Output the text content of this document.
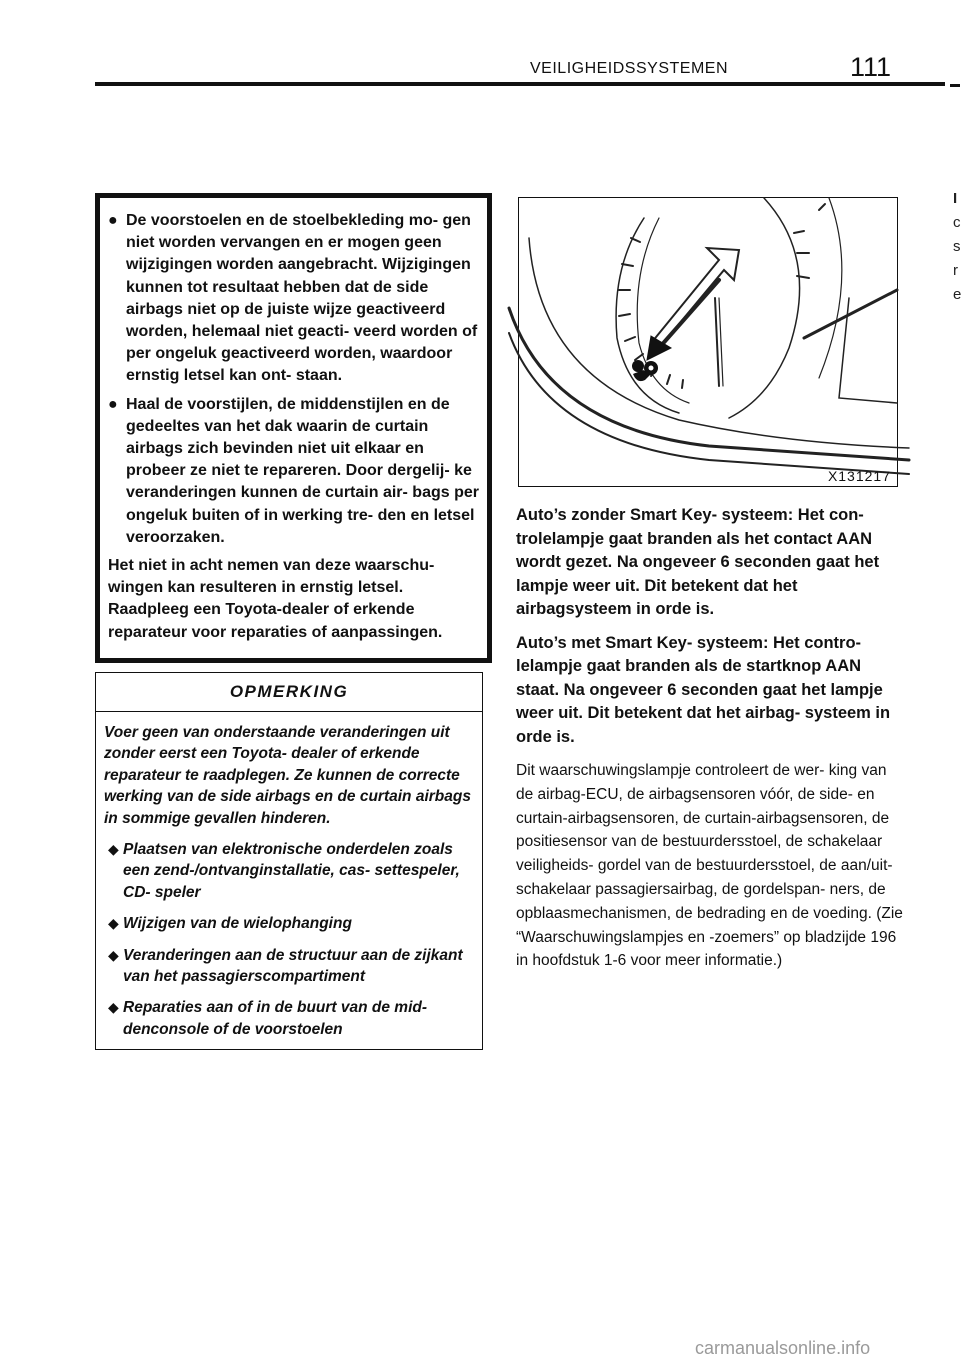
VEILIGHEIDSSYSTEMEN	111
I
c
s
r
e
● De voorstoelen en de stoelbekleding mo- gen niet worden vervangen en er mogen geen wijzigingen worden aangebracht. Wijzigingen kunnen tot resultaat hebben dat de side airbags niet op de juiste wijze geactiveerd worden, helemaal niet geacti- veerd worden of per ongeluk geactiveerd worden, waardoor ernstig letsel kan ont- staan.

● Haal de voorstijlen, de middenstijlen en de gedeeltes van het dak waarin de curtain airbags zich bevinden niet uit elkaar en probeer ze niet te repareren. Door dergelij- ke veranderingen kunnen de curtain air- bags per ongeluk buiten of in werking tre- den en letsel veroorzaken.

Het niet in acht nemen van deze waarschu- wingen kan resulteren in ernstig letsel. Raadpleeg een Toyota‑dealer of erkende reparateur voor reparaties of aanpassingen.

OPMERKING

Voer geen van onderstaande veranderingen uit zonder eerst een Toyota‑ dealer of erkende reparateur te raadplegen. Ze kunnen de correcte werking van de side airbags en de curtain airbags in sommige gevallen hinderen.

◆ Plaatsen van elektronische onderdelen zoals een zend‑/ontvanginstallatie, cas- settespeler, CD‑ speler
◆ Wijzigen van de wielophanging
◆ Veranderingen aan de structuur aan de zijkant van het passagierscompartiment
◆ Reparaties aan of in de buurt van de mid- denconsole of de voorstoelen
X131217

Auto’s zonder Smart Key‑ systeem: Het con- trolelampje gaat branden als het contact AAN wordt gezet. Na ongeveer 6 seconden gaat het lampje weer uit. Dit betekent dat het airbagsysteem in orde is.

Auto’s met Smart Key‑ systeem: Het contro- lelampje gaat branden als de startknop AAN staat. Na ongeveer 6 seconden gaat het lampje weer uit. Dit betekent dat het airbag- systeem in orde is.

Dit waarschuwingslampje controleert de wer- king van de airbag‑ECU, de airbagsensoren vóór, de side‑ en curtain‑airbagsensoren, de curtain‑airbagsensoren, de positiesensor van de bestuurdersstoel, de schakelaar veiligheids- gordel van de bestuurdersstoel, de aan/uit‑ schakelaar passagiersairbag, de gordelspan- ners, de opblaasmechanismen, de bedrading en de voeding. (Zie “Waarschuwingslampjes en ‑zoemers” op bladzijde 196 in hoofdstuk 1‑6 voor meer informatie.)

carmanualsonline.info
